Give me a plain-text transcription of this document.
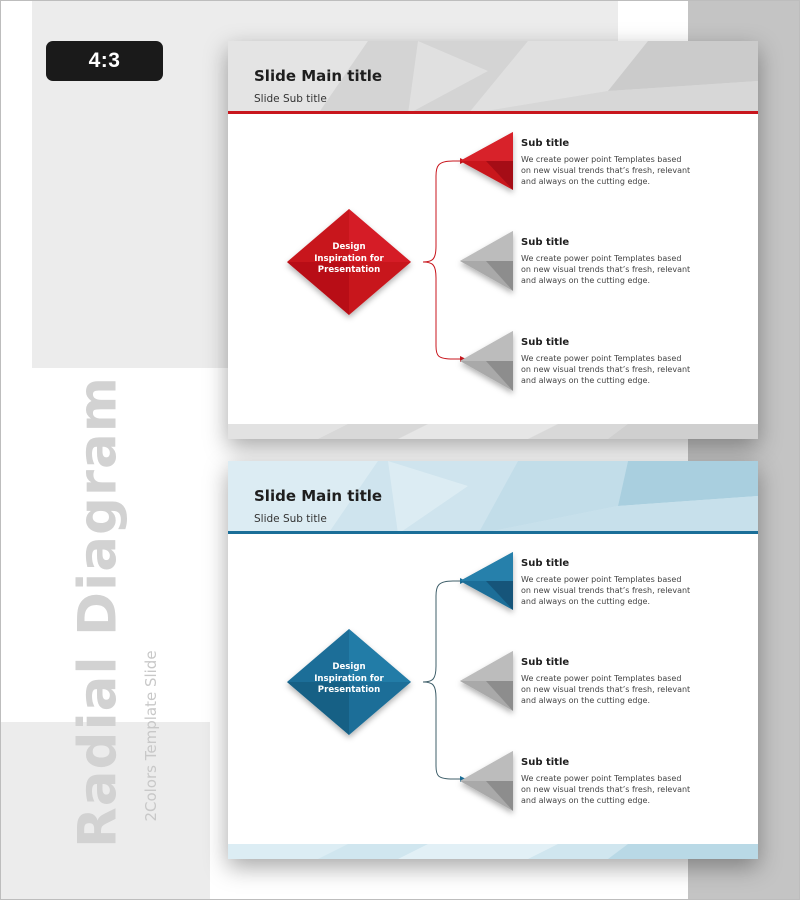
4:3
Radial Diagram 2Colors Template Slide
Slide Main title
Slide Sub title
Design
Inspiration for
Presentation
Sub title
We create power point Templates based
on new visual trends that’s fresh, relevant
and always on the cutting edge.
Sub title
We create power point Templates based
on new visual trends that’s fresh, relevant
and always on the cutting edge.
Sub title
We create power point Templates based
on new visual trends that’s fresh, relevant
and always on the cutting edge.
Slide Main title
Slide Sub title
Design
Inspiration for
Presentation
Sub title
We create power point Templates based
on new visual trends that’s fresh, relevant
and always on the cutting edge.
Sub title
We create power point Templates based
on new visual trends that’s fresh, relevant
and always on the cutting edge.
Sub title
We create power point Templates based
on new visual trends that’s fresh, relevant
and always on the cutting edge.
